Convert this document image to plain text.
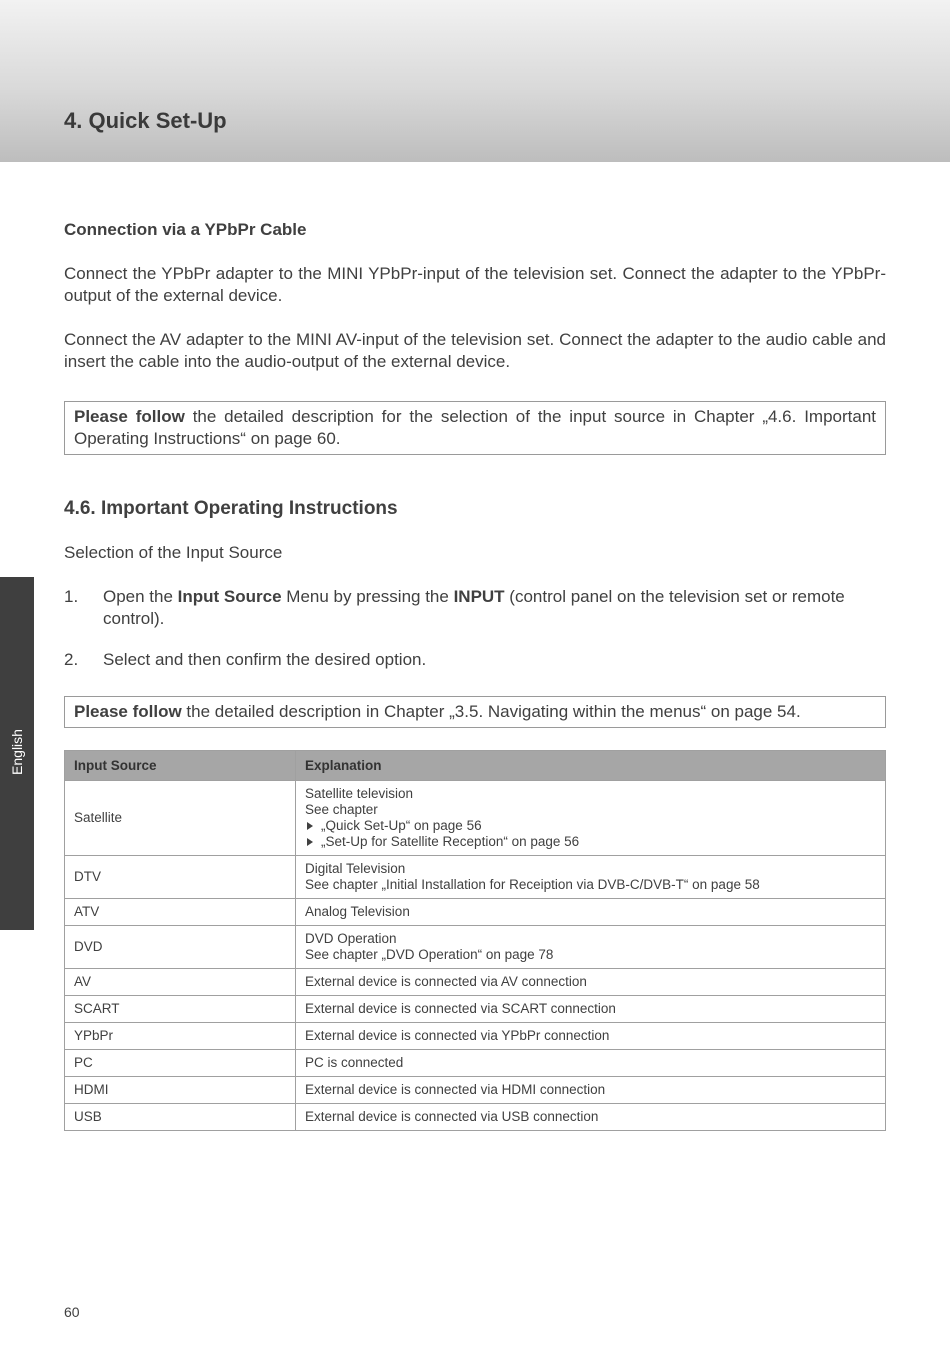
4. Quick Set-Up
English
Connection via a YPbPr Cable

Connect the YPbPr adapter to the MINI YPbPr-input of the television set. Connect the adapter to the YPbPr-output of the external device.

Connect the AV adapter to the MINI AV-input of the television set. Connect the adapter to the audio cable and insert the cable into the audio-output of the external device.

Please follow the detailed description for the selection of the input source in Chapter „4.6. Important Operating Instructions“ on page 60.
4.6. Important Operating Instructions

Selection of the Input Source

1.	Open the Input Source Menu by pressing the INPUT (control panel on the television set or remote control).
2.	Select and then confirm the desired option.
Please follow the detailed description in Chapter „3.5. Navigating within the menus“ on page 54.
Input Source	Explanation
Satellite	Satellite television
See chapter
„Quick Set-Up“ on page 56
„Set-Up for Satellite Reception“ on page 56

DTV	Digital Television
See chapter „Initial Installation for Receiption via DVB-C/DVB-T“ on page 58

ATV	Analog Television
DVD	DVD Operation
See chapter „DVD Operation“ on page 78

AV	External device is connected via AV connection
SCART	External device is connected via SCART connection
YPbPr	External device is connected via YPbPr connection
PC	PC is connected
HDMI	External device is connected via HDMI connection
USB	External device is connected via USB connection
60
